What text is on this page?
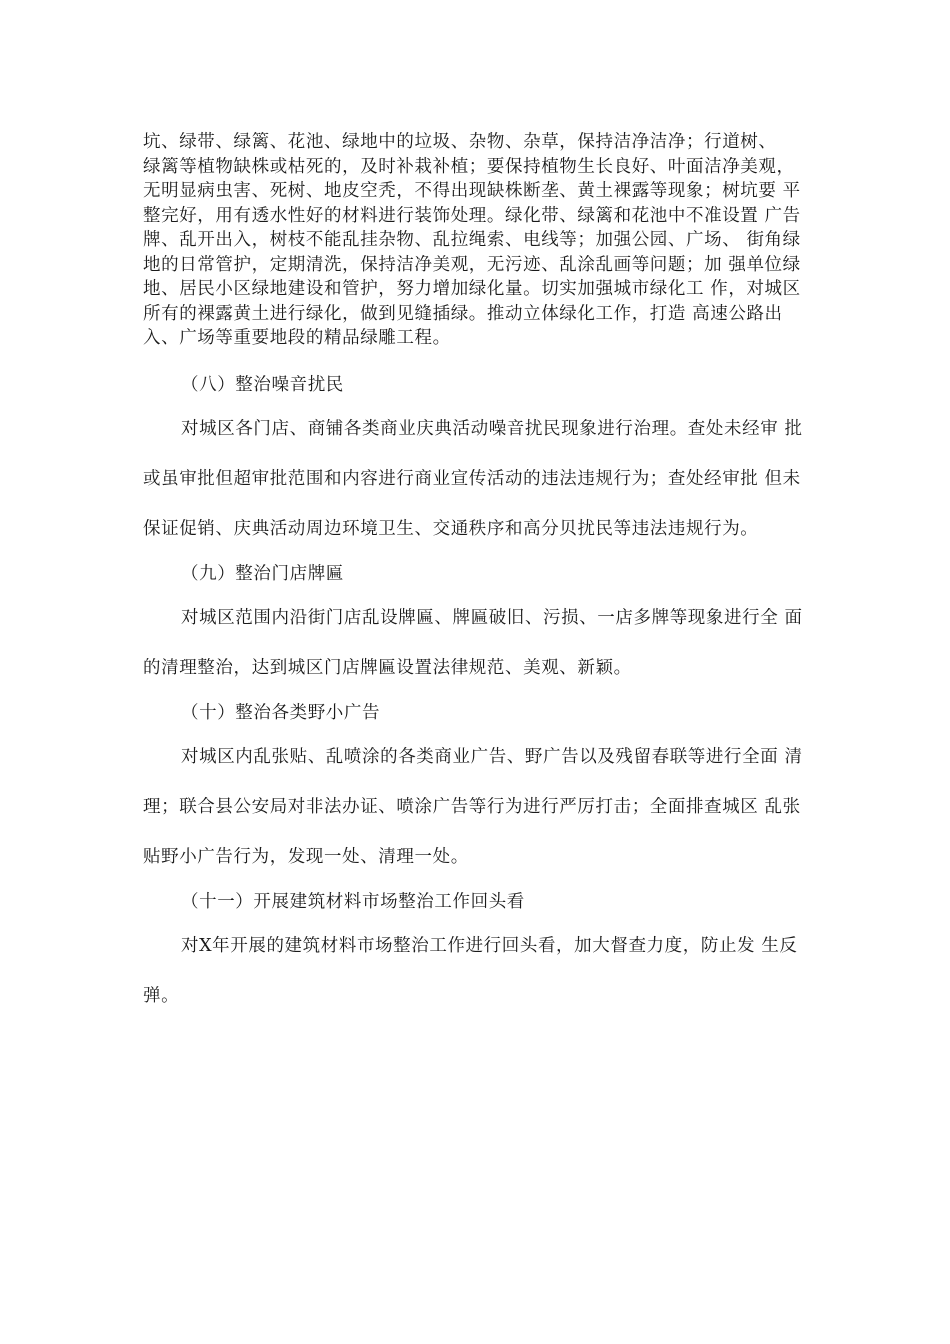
坑、绿带、绿篱、花池、绿地中的垃圾、杂物、杂草，保持洁净洁净；行道树、
绿篱等植物缺株或枯死的，及时补栽补植；要保持植物生长良好、叶面洁净美观，
无明显病虫害、死树、地皮空秃，不得出现缺株断垄、黄土裸露等现象；树坑要 平
整完好，用有透水性好的材料进行装饰处理。绿化带、绿篱和花池中不准设置 广告
牌、乱开出入，树枝不能乱挂杂物、乱拉绳索、电线等；加强公园、广场、 街角绿
地的日常管护，定期清洗，保持洁净美观，无污迹、乱涂乱画等问题；加 强单位绿
地、居民小区绿地建设和管护，努力增加绿化量。切实加强城市绿化工 作，对城区
所有的裸露黄土进行绿化，做到见缝插绿。推动立体绿化工作，打造 高速公路出
入、广场等重要地段的精品绿雕工程。
（八）整治噪音扰民
对城区各门店、商铺各类商业庆典活动噪音扰民现象进行治理。查处未经审 批
或虽审批但超审批范围和内容进行商业宣传活动的违法违规行为；查处经审批 但未
保证促销、庆典活动周边环境卫生、交通秩序和高分贝扰民等违法违规行为。
（九）整治门店牌匾
对城区范围内沿街门店乱设牌匾、牌匾破旧、污损、一店多牌等现象进行全 面
的清理整治，达到城区门店牌匾设置法律规范、美观、新颖。
（十）整治各类野小广告
对城区内乱张贴、乱喷涂的各类商业广告、野广告以及残留春联等进行全面 清
理；联合县公安局对非法办证、喷涂广告等行为进行严厉打击；全面排查城区 乱张
贴野小广告行为，发现一处、清理一处。
（十一）开展建筑材料市场整治工作回头看
对X年开展的建筑材料市场整治工作进行回头看，加大督查力度，防止发 生反
弹。
